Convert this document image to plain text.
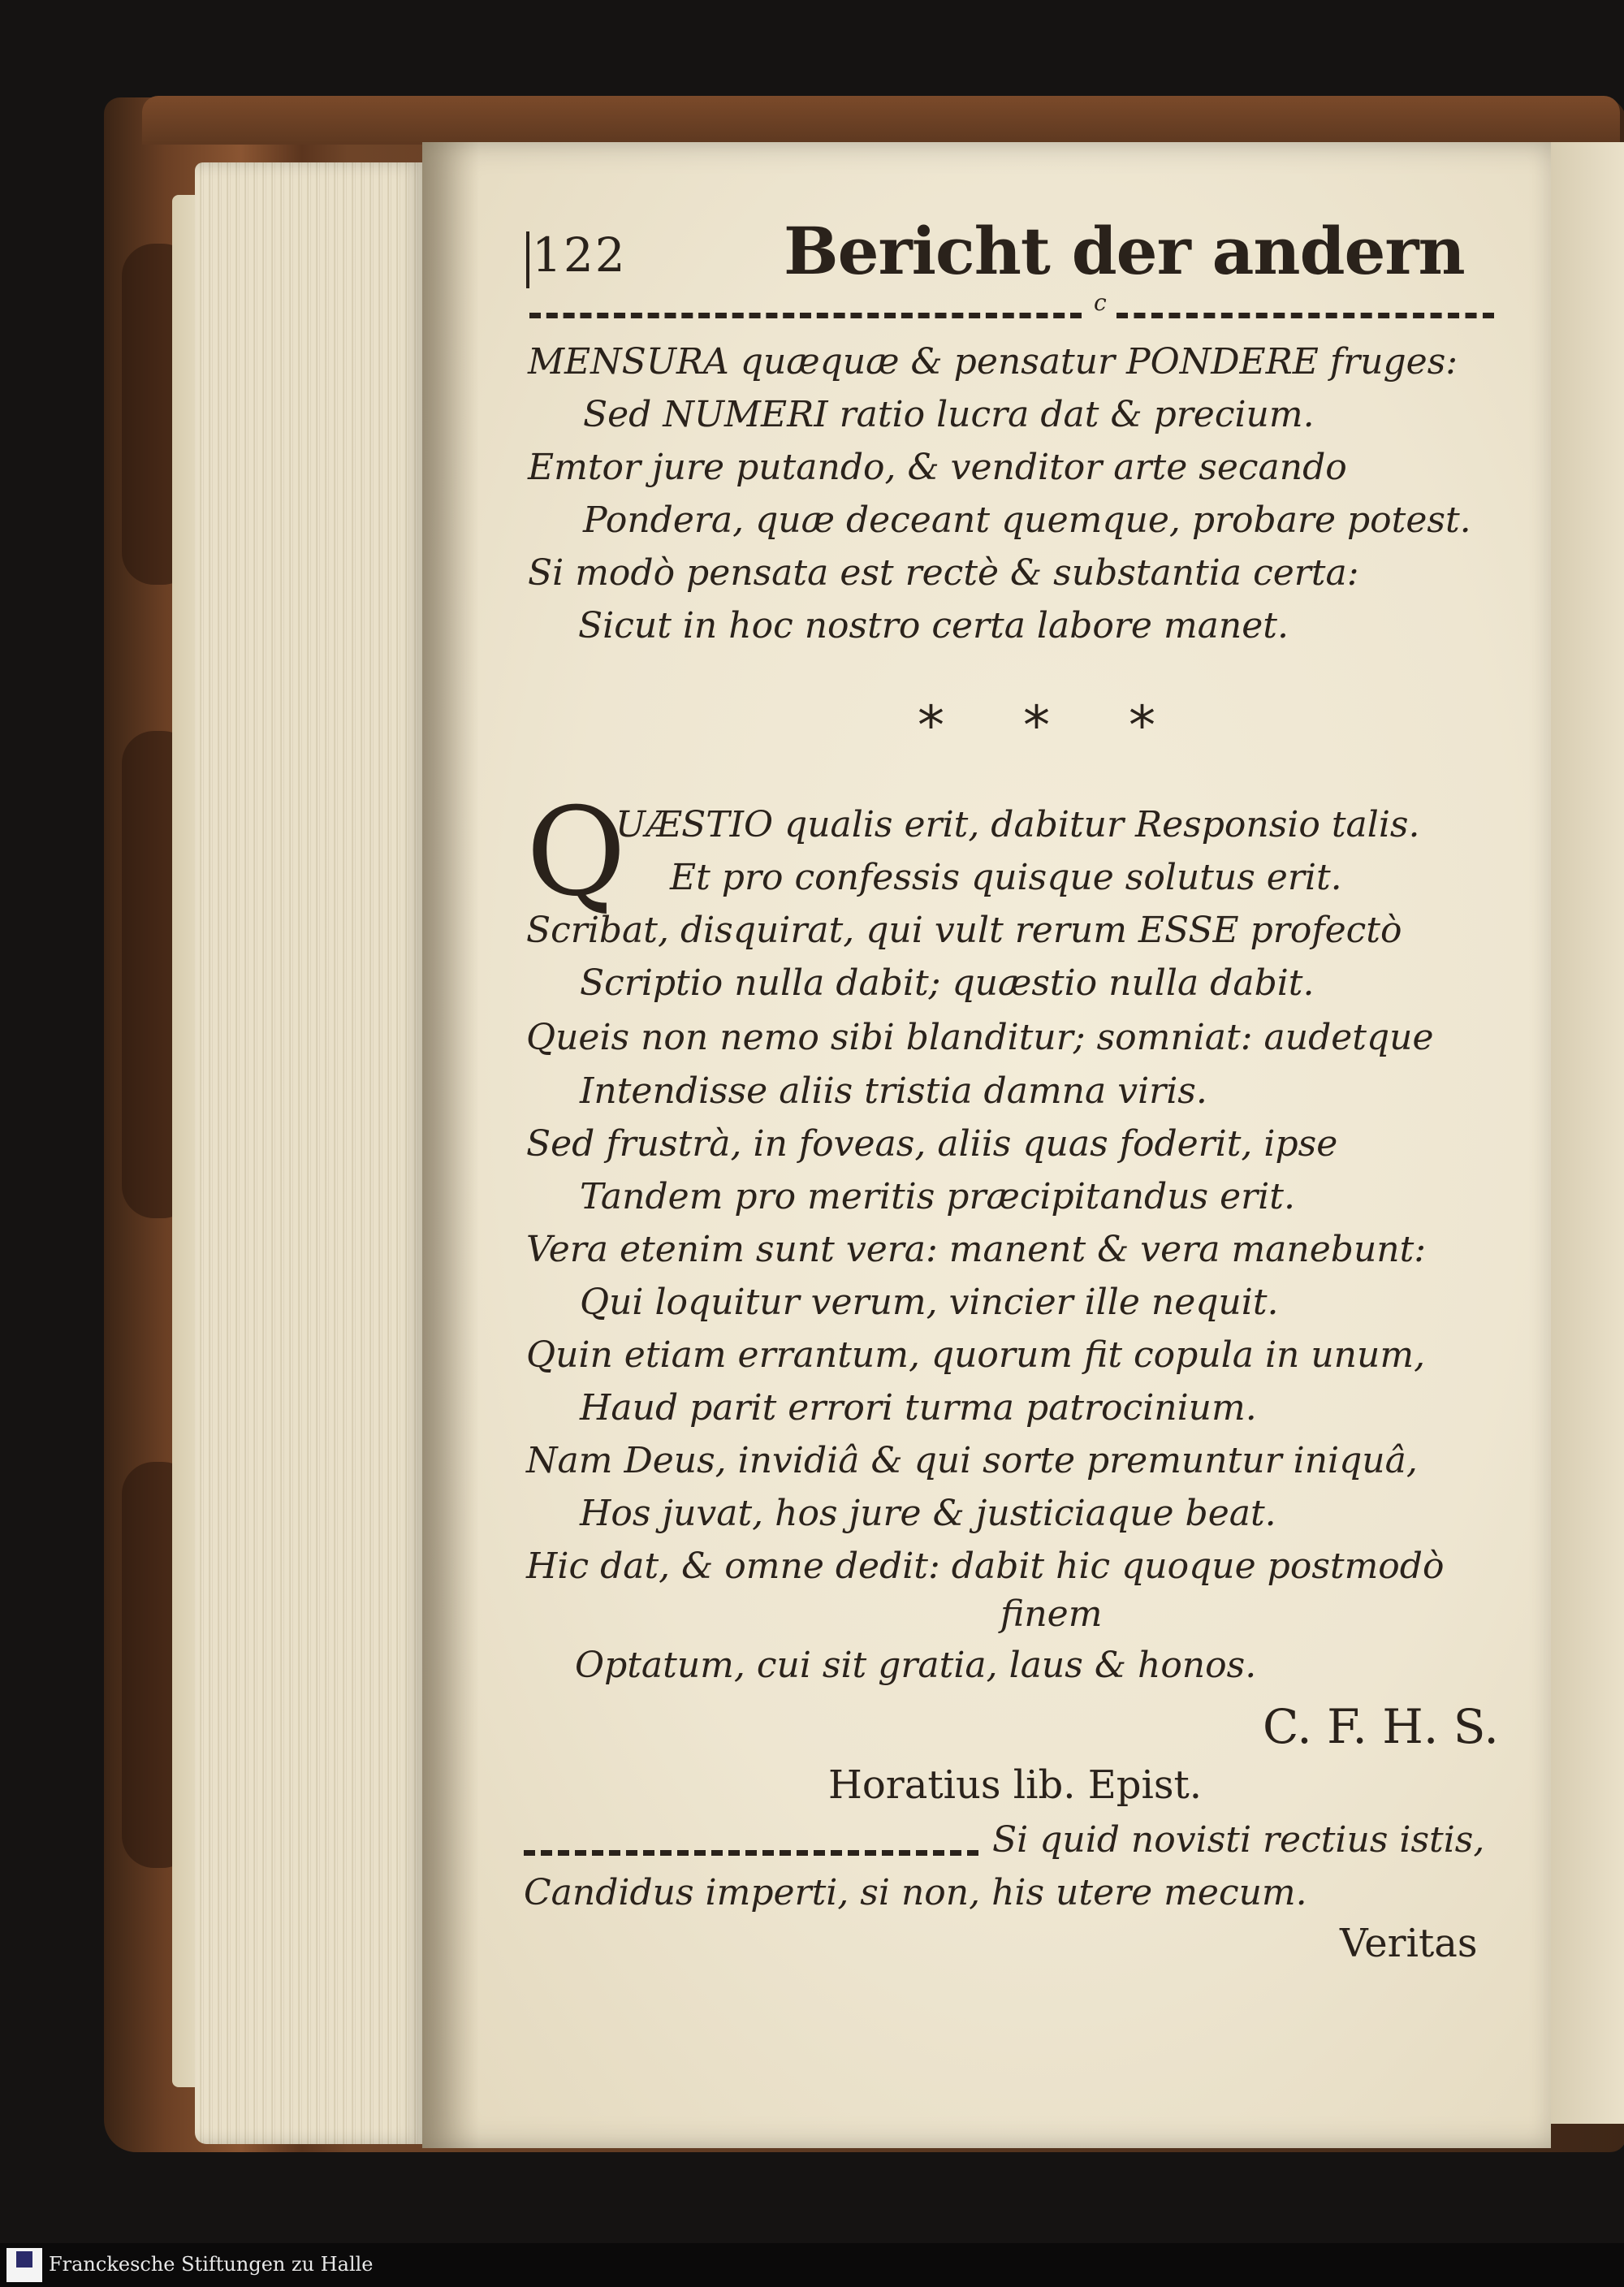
122 Bericht der andern
c
MENSURA quæquæ & pensatur PONDERE fruges:
Sed NUMERI ratio lucra dat & precium.
Emtor jure putando, & venditor arte secando
Pondera, quæ deceant quemque, probare potest.
Si modò pensata est rectè & substantia certa:
Sicut in hoc nostro certa labore manet.
* * *
Q
UÆSTIO qualis erit, dabitur Responsio talis.
Et pro confessis quisque solutus erit.
Scribat, disquirat, qui vult rerum ESSE profectò
Scriptio nulla dabit; quæstio nulla dabit.
Queis non nemo sibi blanditur; somniat: audetque
Intendisse aliis tristia damna viris.
Sed frustrà, in foveas, aliis quas foderit, ipse
Tandem pro meritis præcipitandus erit.
Vera etenim sunt vera: manent & vera manebunt:
Qui loquitur verum, vincier ille nequit.
Quin etiam errantum, quorum fit copula in unum,
Haud parit errori turma patrocinium.
Nam Deus, invidiâ & qui sorte premuntur iniquâ,
Hos juvat, hos jure & justiciaque beat.
Hic dat, & omne dedit: dabit hic quoque postmodò
finem
Optatum, cui sit gratia, laus & honos.
C. F. H. S.
Horatius lib. Epist.
Si quid novisti rectius istis,
Candidus imperti, si non, his utere mecum.
Veritas
Franckesche Stiftungen zu Halle
